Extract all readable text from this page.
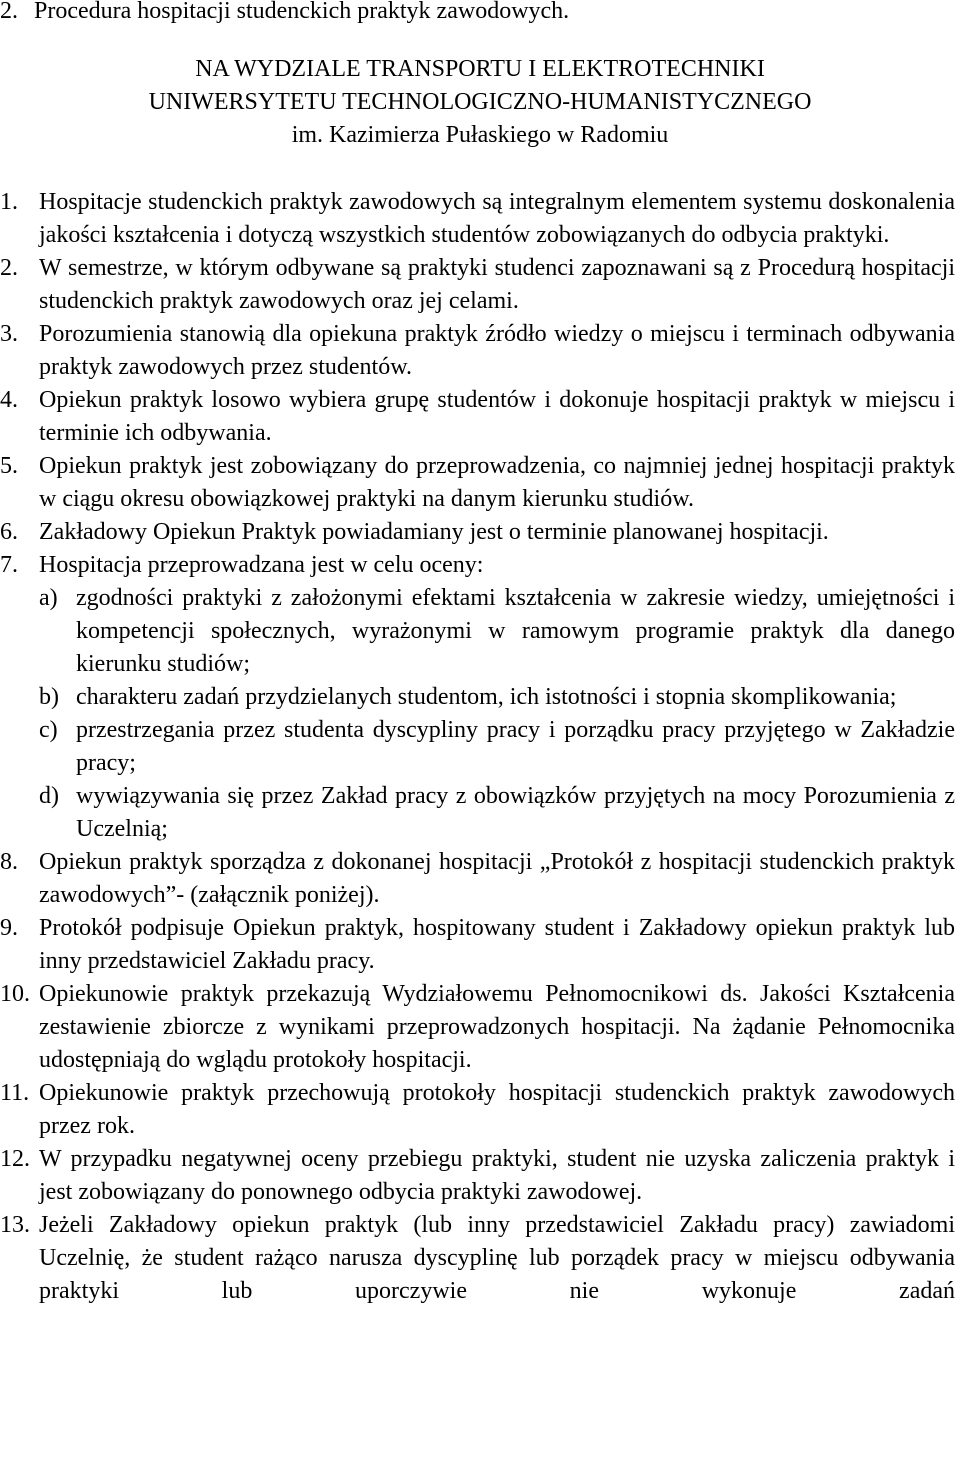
2. Procedura hospitacji studenckich praktyk zawodowych.
NA WYDZIALE TRANSPORTU I ELEKTROTECHNIKI
UNIWERSYTETU TECHNOLOGICZNO-HUMANISTYCZNEGO
im. Kazimierza Pułaskiego w Radomiu
1. Hospitacje studenckich praktyk zawodowych są integralnym elementem systemu doskonalenia jakości kształcenia i dotyczą wszystkich studentów zobowiązanych do odbycia praktyki.
2. W semestrze, w którym odbywane są praktyki studenci zapoznawani są z Procedurą hospitacji studenckich praktyk zawodowych oraz jej celami.
3. Porozumienia stanowią dla opiekuna praktyk źródło wiedzy o miejscu i terminach odbywania praktyk zawodowych przez studentów.
4. Opiekun praktyk losowo wybiera grupę studentów i dokonuje hospitacji praktyk w miejscu i terminie ich odbywania.
5. Opiekun praktyk jest zobowiązany do przeprowadzenia, co najmniej jednej hospitacji praktyk w ciągu okresu obowiązkowej praktyki na danym kierunku studiów.
6. Zakładowy Opiekun Praktyk powiadamiany jest o terminie planowanej hospitacji.
7. Hospitacja przeprowadzana jest w celu oceny:
a) zgodności praktyki z założonymi efektami kształcenia w zakresie wiedzy, umiejętności i kompetencji społecznych, wyrażonymi w ramowym programie praktyk dla danego kierunku studiów;
b) charakteru zadań przydzielanych studentom, ich istotności i stopnia skomplikowania;
c) przestrzegania przez studenta dyscypliny pracy i porządku pracy przyjętego w Zakładzie pracy;
d) wywiązywania się przez Zakład pracy z obowiązków przyjętych na mocy Porozumienia z Uczelnią;
8. Opiekun praktyk sporządza z dokonanej hospitacji „Protokół z hospitacji studenckich praktyk zawodowych”- (załącznik poniżej).
9. Protokół podpisuje Opiekun praktyk, hospitowany student i Zakładowy opiekun praktyk lub inny przedstawiciel Zakładu pracy.
10. Opiekunowie praktyk przekazują Wydziałowemu Pełnomocnikowi ds. Jakości Kształcenia zestawienie zbiorcze z wynikami przeprowadzonych hospitacji. Na żądanie Pełnomocnika udostępniają do wglądu protokoły hospitacji.
11. Opiekunowie praktyk przechowują protokoły hospitacji studenckich praktyk zawodowych przez rok.
12. W przypadku negatywnej oceny przebiegu praktyki, student nie uzyska zaliczenia praktyk i jest zobowiązany do ponownego odbycia praktyki zawodowej.
13. Jeżeli Zakładowy opiekun praktyk (lub inny przedstawiciel Zakładu pracy) zawiadomi Uczelnię, że student rażąco narusza dyscyplinę lub porządek pracy w miejscu odbywania praktyki lub uporczywie nie wykonuje zadań
